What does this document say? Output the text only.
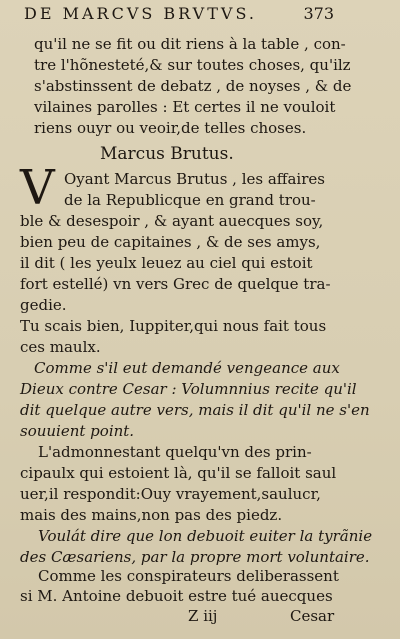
DE MARCVS BRVTVS.	373
qu'il ne se fit ou dit riens à la table , con-
tre l'hõnesteté,& sur toutes choses, qu'ilz
s'abstinssent de debatz , de noyses , & de
vilaines parolles : Et certes il ne vouloit
riens ouyr ou veoir,de telles choses.
Marcus Brutus.
V Oyant Marcus Brutus , les affaires
de la Republicque en grand trou-
ble & desespoir , & ayant auecques soy,
bien peu de capitaines , & de ses amys,
il dit ( les yeulx leuez au ciel qui estoit
fort estellé) vn vers Grec de quelque tra-
gedie.
Tu scais bien, Iuppiter,qui nous fait tous
ces maulx.
Comme s'il eut demandé vengeance aux
Dieux contre Cesar : Volumnnius recite qu'il
dit quelque autre vers, mais il dit qu'il ne s'en
souuient point.
L'admonnestant quelqu'vn des prin-
cipaulx qui estoient là, qu'il se falloit saul
uer,il respondit:Ouy vrayement,saulucr,
mais des mains,non pas des piedz.
Voulát dire que lon debuoit euiter la tyrãnie
des Cæsariens, par la propre mort voluntaire.
Comme les conspirateurs deliberassent
si M. Antoine debuoit estre tué auecques
Z iij	Cesar
